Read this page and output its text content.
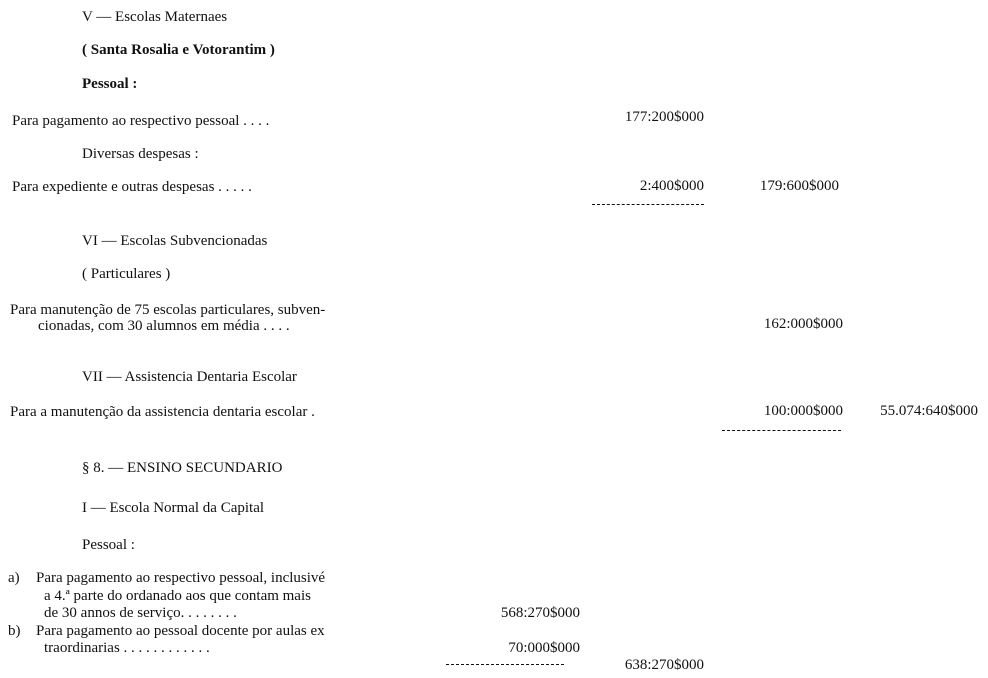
V — Escolas Maternaes
( Santa Rosalia e Votorantim )
Pessoal :
Para pagamento ao respectivo pessoal . . . .	177:200$000
Diversas despesas :
Para expediente e outras despesas . . . . .	2:400$000	179:600$000
VI — Escolas Subvencionadas
( Particulares )
Para manutenção de 75 escolas particulares, subven-
cionadas, com 30 alumnos em média . . . .	162:000$000
VII — Assistencia Dentaria Escolar
Para a manutenção da assistencia dentaria escolar .	100:000$000 55.074:640$000
§ 8. — ENSINO SECUNDARIO
I — Escola Normal da Capital
Pessoal :
a) Para pagamento ao respectivo pessoal, inclusivé
a 4.ª parte do ordanado aos que contam mais
de 30 annos de serviço. . . . . . . .	568:270$000
b) Para pagamento ao pessoal docente por aulas ex
traordinarias . . . . . . . . . . . .	70:000$000
638:270$000
